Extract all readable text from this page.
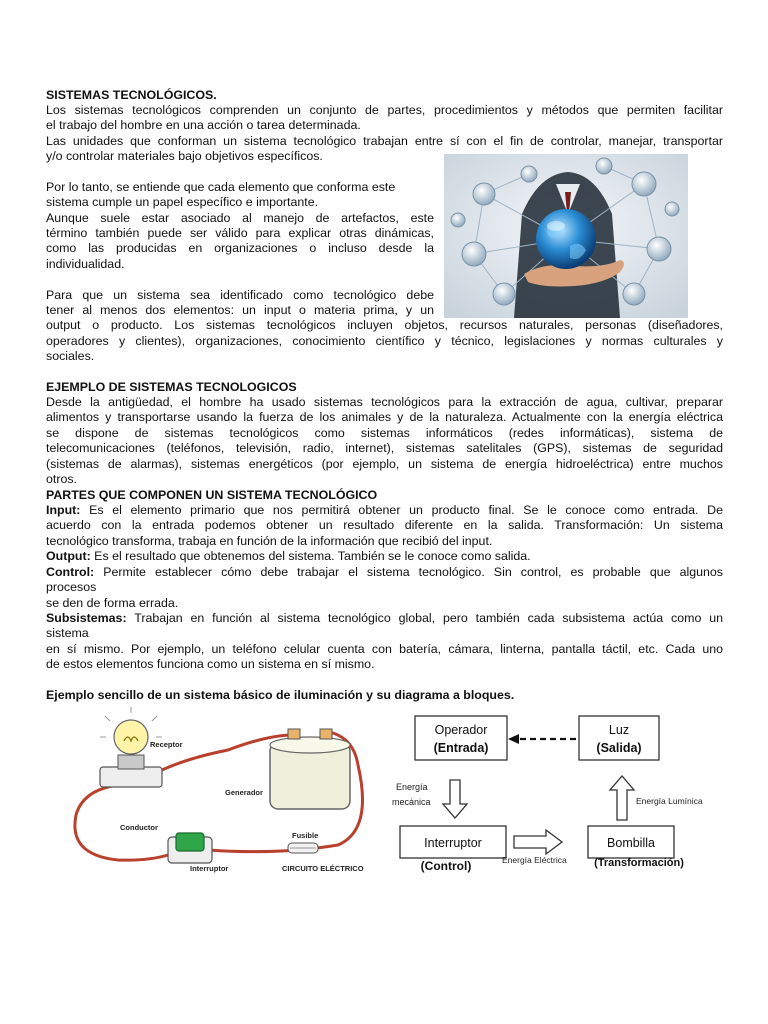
SISTEMAS TECNOLÓGICOS.
Los sistemas tecnológicos comprenden un conjunto de partes, procedimientos y métodos que permiten facilitar
el trabajo del hombre en una acción o tarea determinada.
Las unidades que conforman un sistema tecnológico trabajan entre sí con el fin de controlar, manejar, transportar
y/o controlar materiales bajo objetivos específicos.
Por lo tanto, se entiende que cada elemento que conforma este
sistema cumple un papel específico e importante.
Aunque suele estar asociado al manejo de artefactos, este
término también puede ser válido para explicar otras dinámicas,
como las producidas en organizaciones o incluso desde la
individualidad.
Para que un sistema sea identificado como tecnológico debe
tener al menos dos elementos: un input o materia prima, y un
output o producto. Los sistemas tecnológicos incluyen objetos, recursos naturales, personas (diseñadores,
operadores y clientes), organizaciones, conocimiento científico y técnico, legislaciones y normas culturales y
sociales.
EJEMPLO DE SISTEMAS TECNOLOGICOS
Desde la antigüedad, el hombre ha usado sistemas tecnológicos para la extracción de agua, cultivar, preparar
alimentos y transportarse usando la fuerza de los animales y de la naturaleza. Actualmente con la energía eléctrica
se dispone de sistemas tecnológicos como sistemas informáticos (redes informáticas), sistema de
telecomunicaciones (teléfonos, televisión, radio, internet), sistemas satelitales (GPS), sistemas de seguridad
(sistemas de alarmas), sistemas energéticos (por ejemplo, un sistema de energía hidroeléctrica) entre muchos
otros.
PARTES QUE COMPONEN UN SISTEMA TECNOLÓGICO
Input: Es el elemento primario que nos permitirá obtener un producto final. Se le conoce como entrada. De
acuerdo con la entrada podemos obtener un resultado diferente en la salida. Transformación: Un sistema
tecnológico transforma, trabaja en función de la información que recibió del input.
Output: Es el resultado que obtenemos del sistema. También se le conoce como salida.
Control: Permite establecer cómo debe trabajar el sistema tecnológico. Sin control, es probable que algunos
procesos
se den de forma errada.
Subsistemas: Trabajan en función al sistema tecnológico global, pero también cada subsistema actúa como un
sistema
en sí mismo. Por ejemplo, un teléfono celular cuenta con batería, cámara, linterna, pantalla táctil, etc. Cada uno
de estos elementos funciona como un sistema en sí mismo.
Ejemplo sencillo de un sistema básico de iluminación y su diagrama a bloques.
Receptor
Generador
Conductor
Fusible
Interruptor	CIRCUITO ELÉCTRICO
Operador
(Entrada)
Luz
(Salida)
Interruptor
(Control)
Bombilla
(Transformación)
Energía
mecánica
Energía Eléctrica
Energía Lumínica
